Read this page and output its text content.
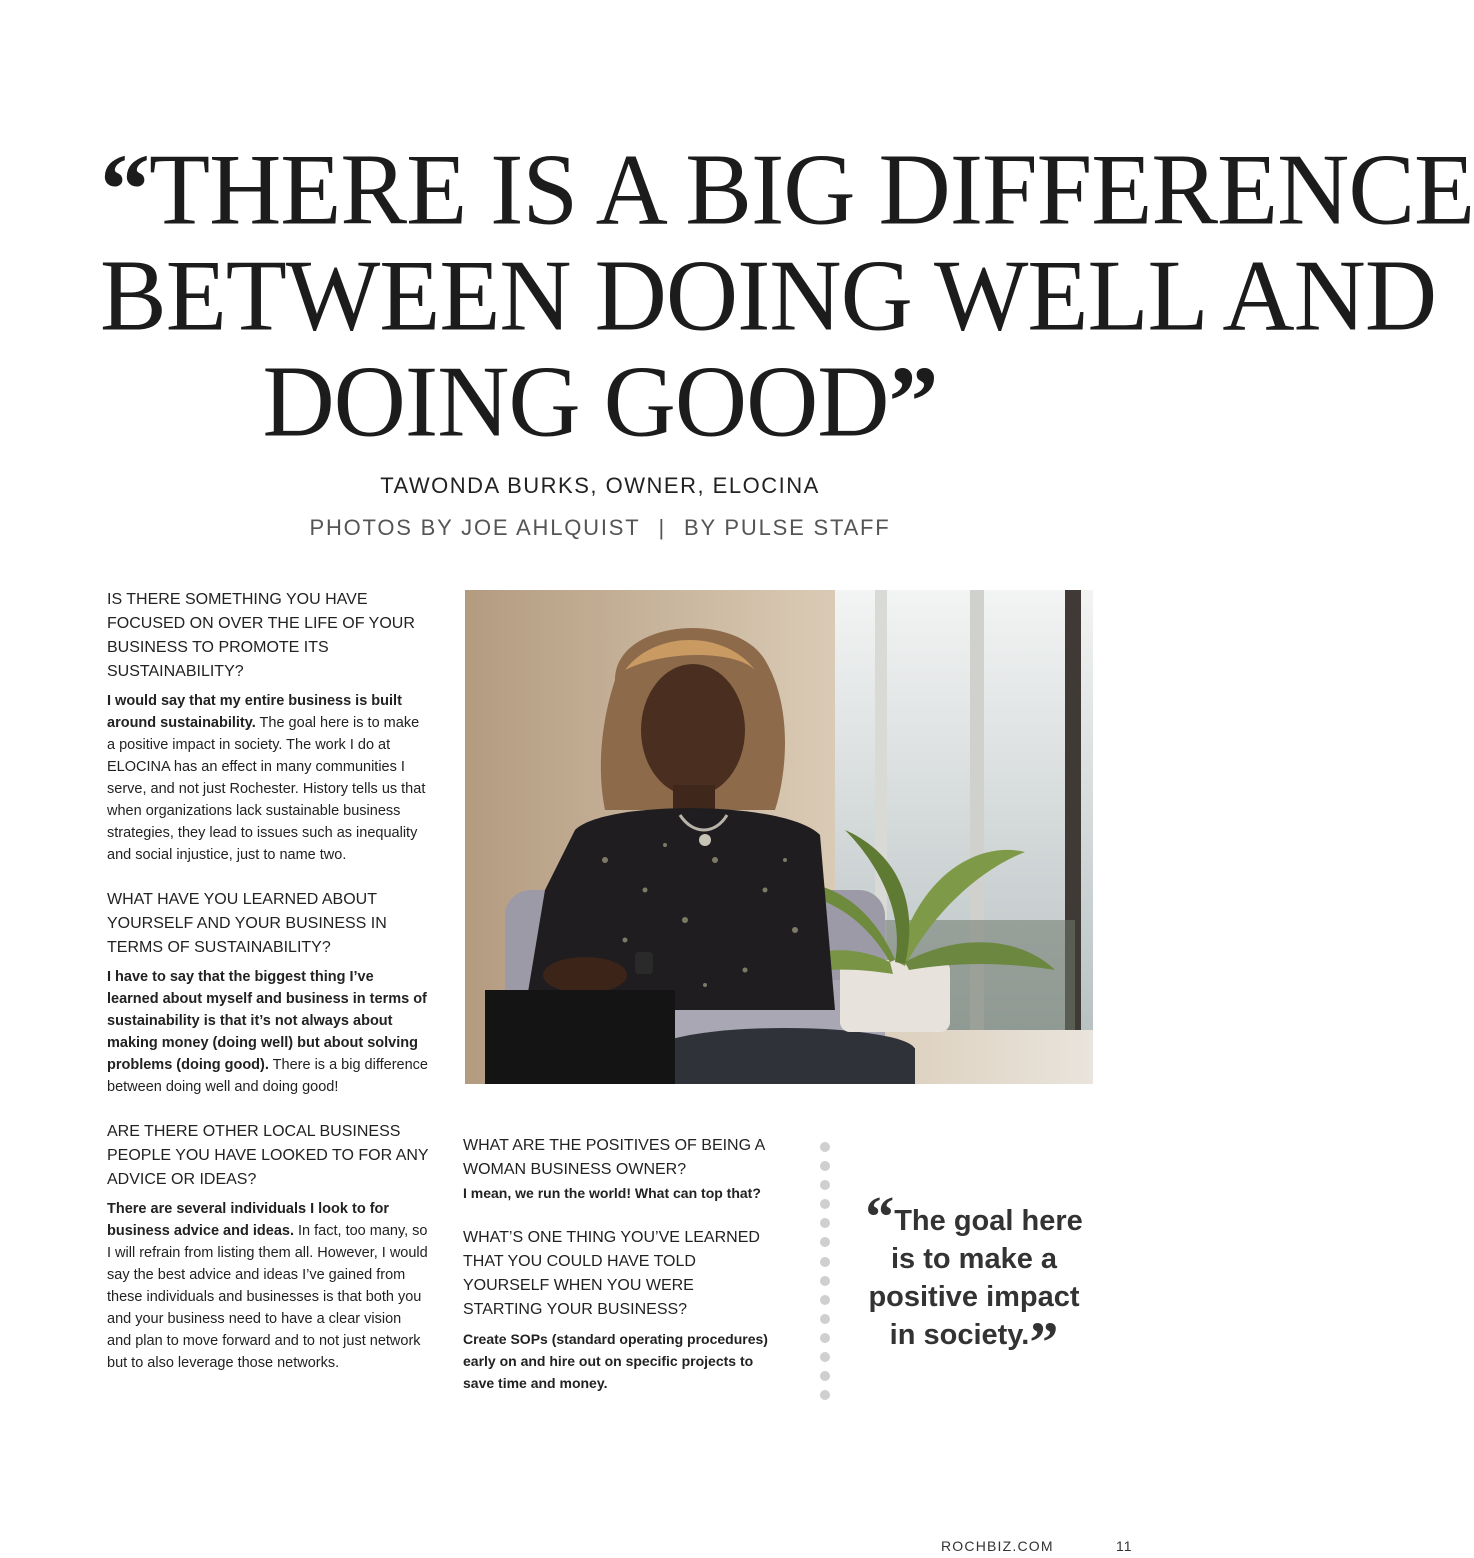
“THERE IS A BIG DIFFERENCE
BETWEEN DOING WELL AND
DOING GOOD”
TAWONDA BURKS, OWNER, ELOCINA
PHOTOS BY JOE AHLQUIST | BY PULSE STAFF

IS THERE SOMETHING YOU HAVE FOCUSED ON OVER THE LIFE OF YOUR BUSINESS TO PROMOTE ITS SUSTAINABILITY?

I would say that my entire business is built around sustainability. The goal here is to make a positive impact in society. The work I do at ELOCINA has an effect in many communities I serve, and not just Rochester. History tells us that when organizations lack sustainable business strategies, they lead to issues such as inequality and social injustice, just to name two.

WHAT HAVE YOU LEARNED ABOUT YOURSELF AND YOUR BUSINESS IN TERMS OF SUSTAINABILITY?

I have to say that the biggest thing I’ve learned about myself and business in terms of sustainability is that it’s not always about making money (doing well) but about solving problems (doing good). There is a big difference between doing well and doing good!

ARE THERE OTHER LOCAL BUSINESS PEOPLE YOU HAVE LOOKED TO FOR ANY ADVICE OR IDEAS?

There are several individuals I look to for business advice and ideas. In fact, too many, so I will refrain from listing them all. However, I would say the best advice and ideas I’ve gained from these individuals and businesses is that both you and your business need to have a clear vision and plan to move forward and to not just network but to also leverage those networks.

WHAT ARE THE POSITIVES OF BEING A WOMAN BUSINESS OWNER?

I mean, we run the world! What can top that?

WHAT’S ONE THING YOU’VE LEARNED THAT YOU COULD HAVE TOLD YOURSELF WHEN YOU WERE STARTING YOUR BUSINESS?

Create SOPs (standard operating procedures) early on and hire out on specific projects to save time and money.

“The goal here is to make a positive impact in society.”
ROCHBIZ.COM	11
